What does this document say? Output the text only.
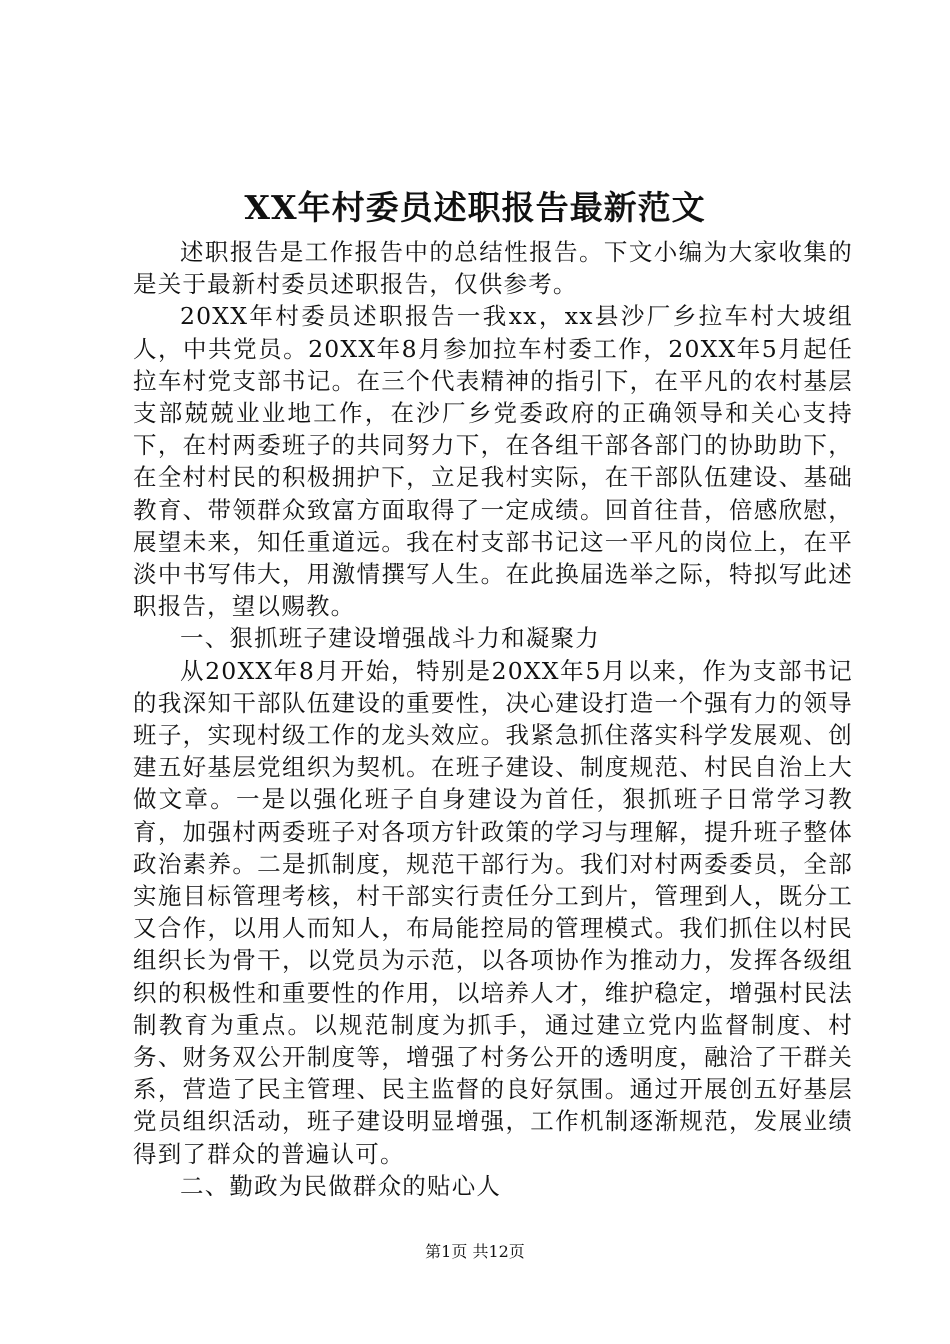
XX年村委员述职报告最新范文

述职报告是工作报告中的总结性报告。下文小编为大家收集的是关于最新村委员述职报告，仅供参考。

20XX年村委员述职报告一我xx，xx县沙厂乡拉车村大坡组人，中共党员。20XX年8月参加拉车村委工作，20XX年5月起任拉车村党支部书记。在三个代表精神的指引下，在平凡的农村基层支部兢兢业业地工作，在沙厂乡党委政府的正确领导和关心支持下，在村两委班子的共同努力下，在各组干部各部门的协助助下，在全村村民的积极拥护下，立足我村实际，在干部队伍建设、基础教育、带领群众致富方面取得了一定成绩。回首往昔，倍感欣慰，展望未来，知任重道远。我在村支部书记这一平凡的岗位上，在平淡中书写伟大，用激情撰写人生。在此换届选举之际，特拟写此述职报告，望以赐教。

一、狠抓班子建设增强战斗力和凝聚力

从20XX年8月开始，特别是20XX年5月以来，作为支部书记的我深知干部队伍建设的重要性，决心建设打造一个强有力的领导班子，实现村级工作的龙头效应。我紧急抓住落实科学发展观、创建五好基层党组织为契机。在班子建设、制度规范、村民自治上大做文章。一是以强化班子自身建设为首任，狠抓班子日常学习教育，加强村两委班子对各项方针政策的学习与理解，提升班子整体政治素养。二是抓制度，规范干部行为。我们对村两委委员，全部实施目标管理考核，村干部实行责任分工到片，管理到人，既分工又合作，以用人而知人，布局能控局的管理模式。我们抓住以村民组织长为骨干，以党员为示范，以各项协作为推动力，发挥各级组织的积极性和重要性的作用，以培养人才，维护稳定，增强村民法制教育为重点。以规范制度为抓手，通过建立党内监督制度、村务、财务双公开制度等，增强了村务公开的透明度，融洽了干群关系，营造了民主管理、民主监督的良好氛围。通过开展创五好基层党员组织活动，班子建设明显增强，工作机制逐渐规范，发展业绩得到了群众的普遍认可。

二、勤政为民做群众的贴心人

第1页 共12页
